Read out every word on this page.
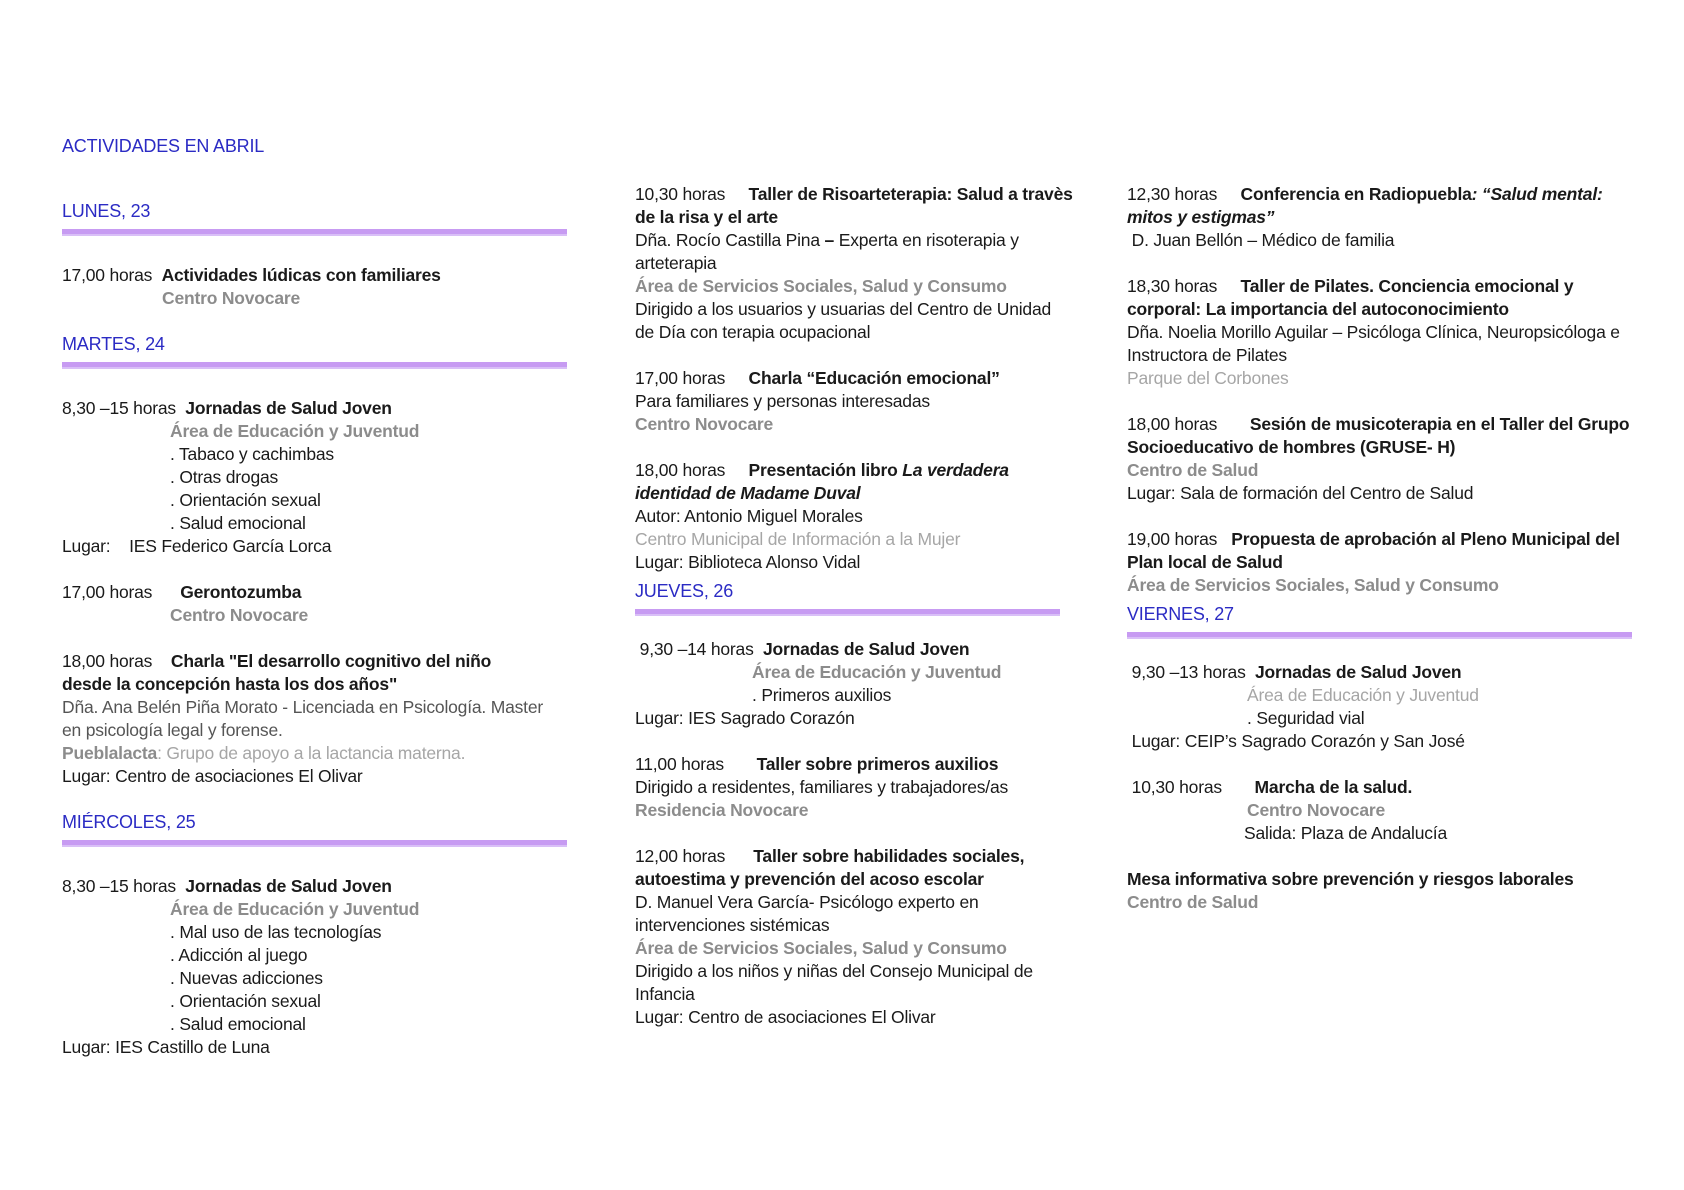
ACTIVIDADES EN ABRIL
LUNES, 23
17,00 horas Actividades lúdicas con familiares
Centro Novocare
MARTES, 24
8,30 –15 horas Jornadas de Salud Joven
Área de Educación y Juventud
. Tabaco y cachimbas
. Otras drogas
. Orientación sexual
. Salud emocional
Lugar: IES Federico García Lorca
17,00 horas Gerontozumba
Centro Novocare
18,00 horas Charla "El desarrollo cognitivo del niño
desde la concepción hasta los dos años"
Dña. Ana Belén Piña Morato - Licenciada en Psicología. Master
en psicología legal y forense.
Pueblalacta: Grupo de apoyo a la lactancia materna.
Lugar: Centro de asociaciones El Olivar
MIÉRCOLES, 25
8,30 –15 horas Jornadas de Salud Joven
Área de Educación y Juventud
. Mal uso de las tecnologías
. Adicción al juego
. Nuevas adicciones
. Orientación sexual
. Salud emocional
Lugar: IES Castillo de Luna
10,30 horas Taller de Risoarteterapia: Salud a travès
de la risa y el arte
Dña. Rocío Castilla Pina – Experta en risoterapia y
arteterapia
Área de Servicios Sociales, Salud y Consumo
Dirigido a los usuarios y usuarias del Centro de Unidad
de Día con terapia ocupacional
17,00 horas Charla “Educación emocional”
Para familiares y personas interesadas
Centro Novocare
18,00 horas Presentación libro La verdadera
identidad de Madame Duval
Autor: Antonio Miguel Morales
Centro Municipal de Información a la Mujer
Lugar: Biblioteca Alonso Vidal
JUEVES, 26
9,30 –14 horas Jornadas de Salud Joven
Área de Educación y Juventud
. Primeros auxilios
Lugar: IES Sagrado Corazón
11,00 horas Taller sobre primeros auxilios
Dirigido a residentes, familiares y trabajadores/as
Residencia Novocare
12,00 horas Taller sobre habilidades sociales,
autoestima y prevención del acoso escolar
D. Manuel Vera García- Psicólogo experto en
intervenciones sistémicas
Área de Servicios Sociales, Salud y Consumo
Dirigido a los niños y niñas del Consejo Municipal de
Infancia
Lugar: Centro de asociaciones El Olivar
12,30 horas Conferencia en Radiopuebla: “Salud mental:
mitos y estigmas”
D. Juan Bellón – Médico de familia
18,30 horas Taller de Pilates. Conciencia emocional y
corporal: La importancia del autoconocimiento
Dña. Noelia Morillo Aguilar – Psicóloga Clínica, Neuropsicóloga e
Instructora de Pilates
Parque del Corbones
18,00 horas Sesión de musicoterapia en el Taller del Grupo
Socioeducativo de hombres (GRUSE- H)
Centro de Salud
Lugar: Sala de formación del Centro de Salud
19,00 horas Propuesta de aprobación al Pleno Municipal del
Plan local de Salud
Área de Servicios Sociales, Salud y Consumo
VIERNES, 27
9,30 –13 horas Jornadas de Salud Joven
Área de Educación y Juventud
. Seguridad vial
Lugar: CEIP’s Sagrado Corazón y San José
10,30 horas Marcha de la salud.
Centro Novocare
Salida: Plaza de Andalucía
Mesa informativa sobre prevención y riesgos laborales
Centro de Salud
